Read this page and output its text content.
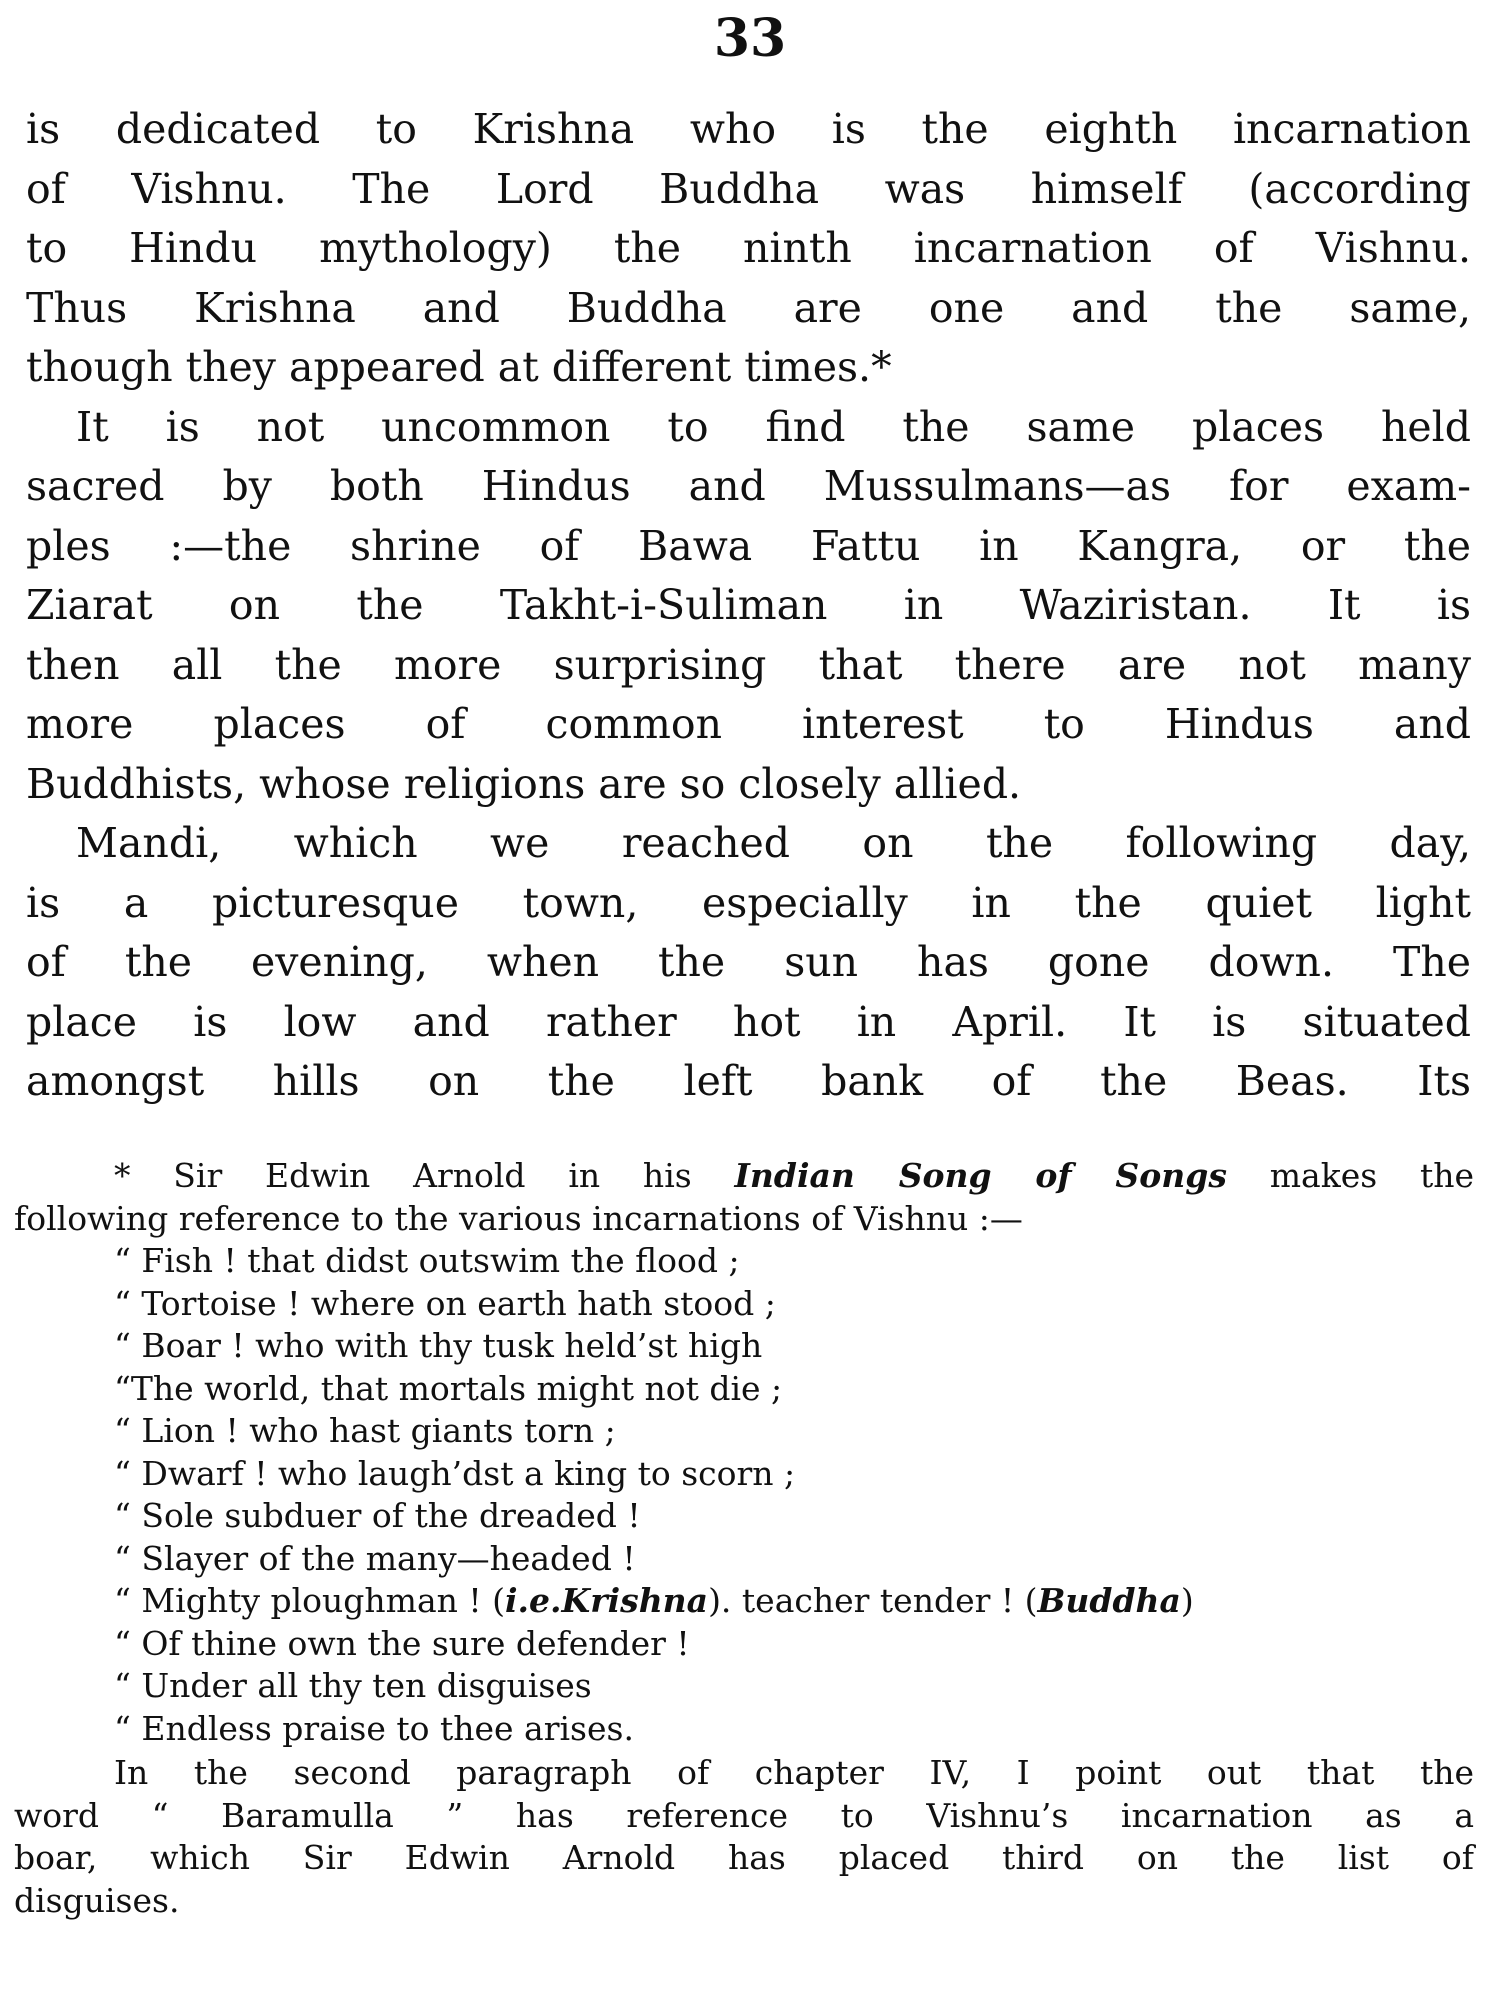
33
is dedicated to Krishna who is the eighth incarnation
of Vishnu. The Lord Buddha was himself (according
to Hindu mythology) the ninth incarnation of Vishnu.
Thus Krishna and Buddha are one and the same,
though they appeared at different times.*
It is not uncommon to find the same places held
sacred by both Hindus and Mussulmans—as for exam-
ples :—the shrine of Bawa Fattu in Kangra, or the
Ziarat on the Takht-i-Suliman in Waziristan. It is
then all the more surprising that there are not many
more places of common interest to Hindus and
Buddhists, whose religions are so closely allied.
Mandi, which we reached on the following day,
is a picturesque town, especially in the quiet light
of the evening, when the sun has gone down. The
place is low and rather hot in April. It is situated
amongst hills on the left bank of the Beas. Its
* Sir Edwin Arnold in his Indian Song of Songs makes the
following reference to the various incarnations of Vishnu :—
“ Fish ! that didst outswim the flood ;
“ Tortoise ! where on earth hath stood ;
“ Boar ! who with thy tusk held’st high
“The world, that mortals might not die ;
“ Lion ! who hast giants torn ;
“ Dwarf ! who laugh’dst a king to scorn ;
“ Sole subduer of the dreaded !
“ Slayer of the many—headed !
“ Mighty ploughman ! (i.e.Krishna). teacher tender ! (Buddha)
“ Of thine own the sure defender !
“ Under all thy ten disguises
“ Endless praise to thee arises.
In the second paragraph of chapter IV, I point out that the
word “ Baramulla ” has reference to Vishnu’s incarnation as a
boar, which Sir Edwin Arnold has placed third on the list of
disguises.
